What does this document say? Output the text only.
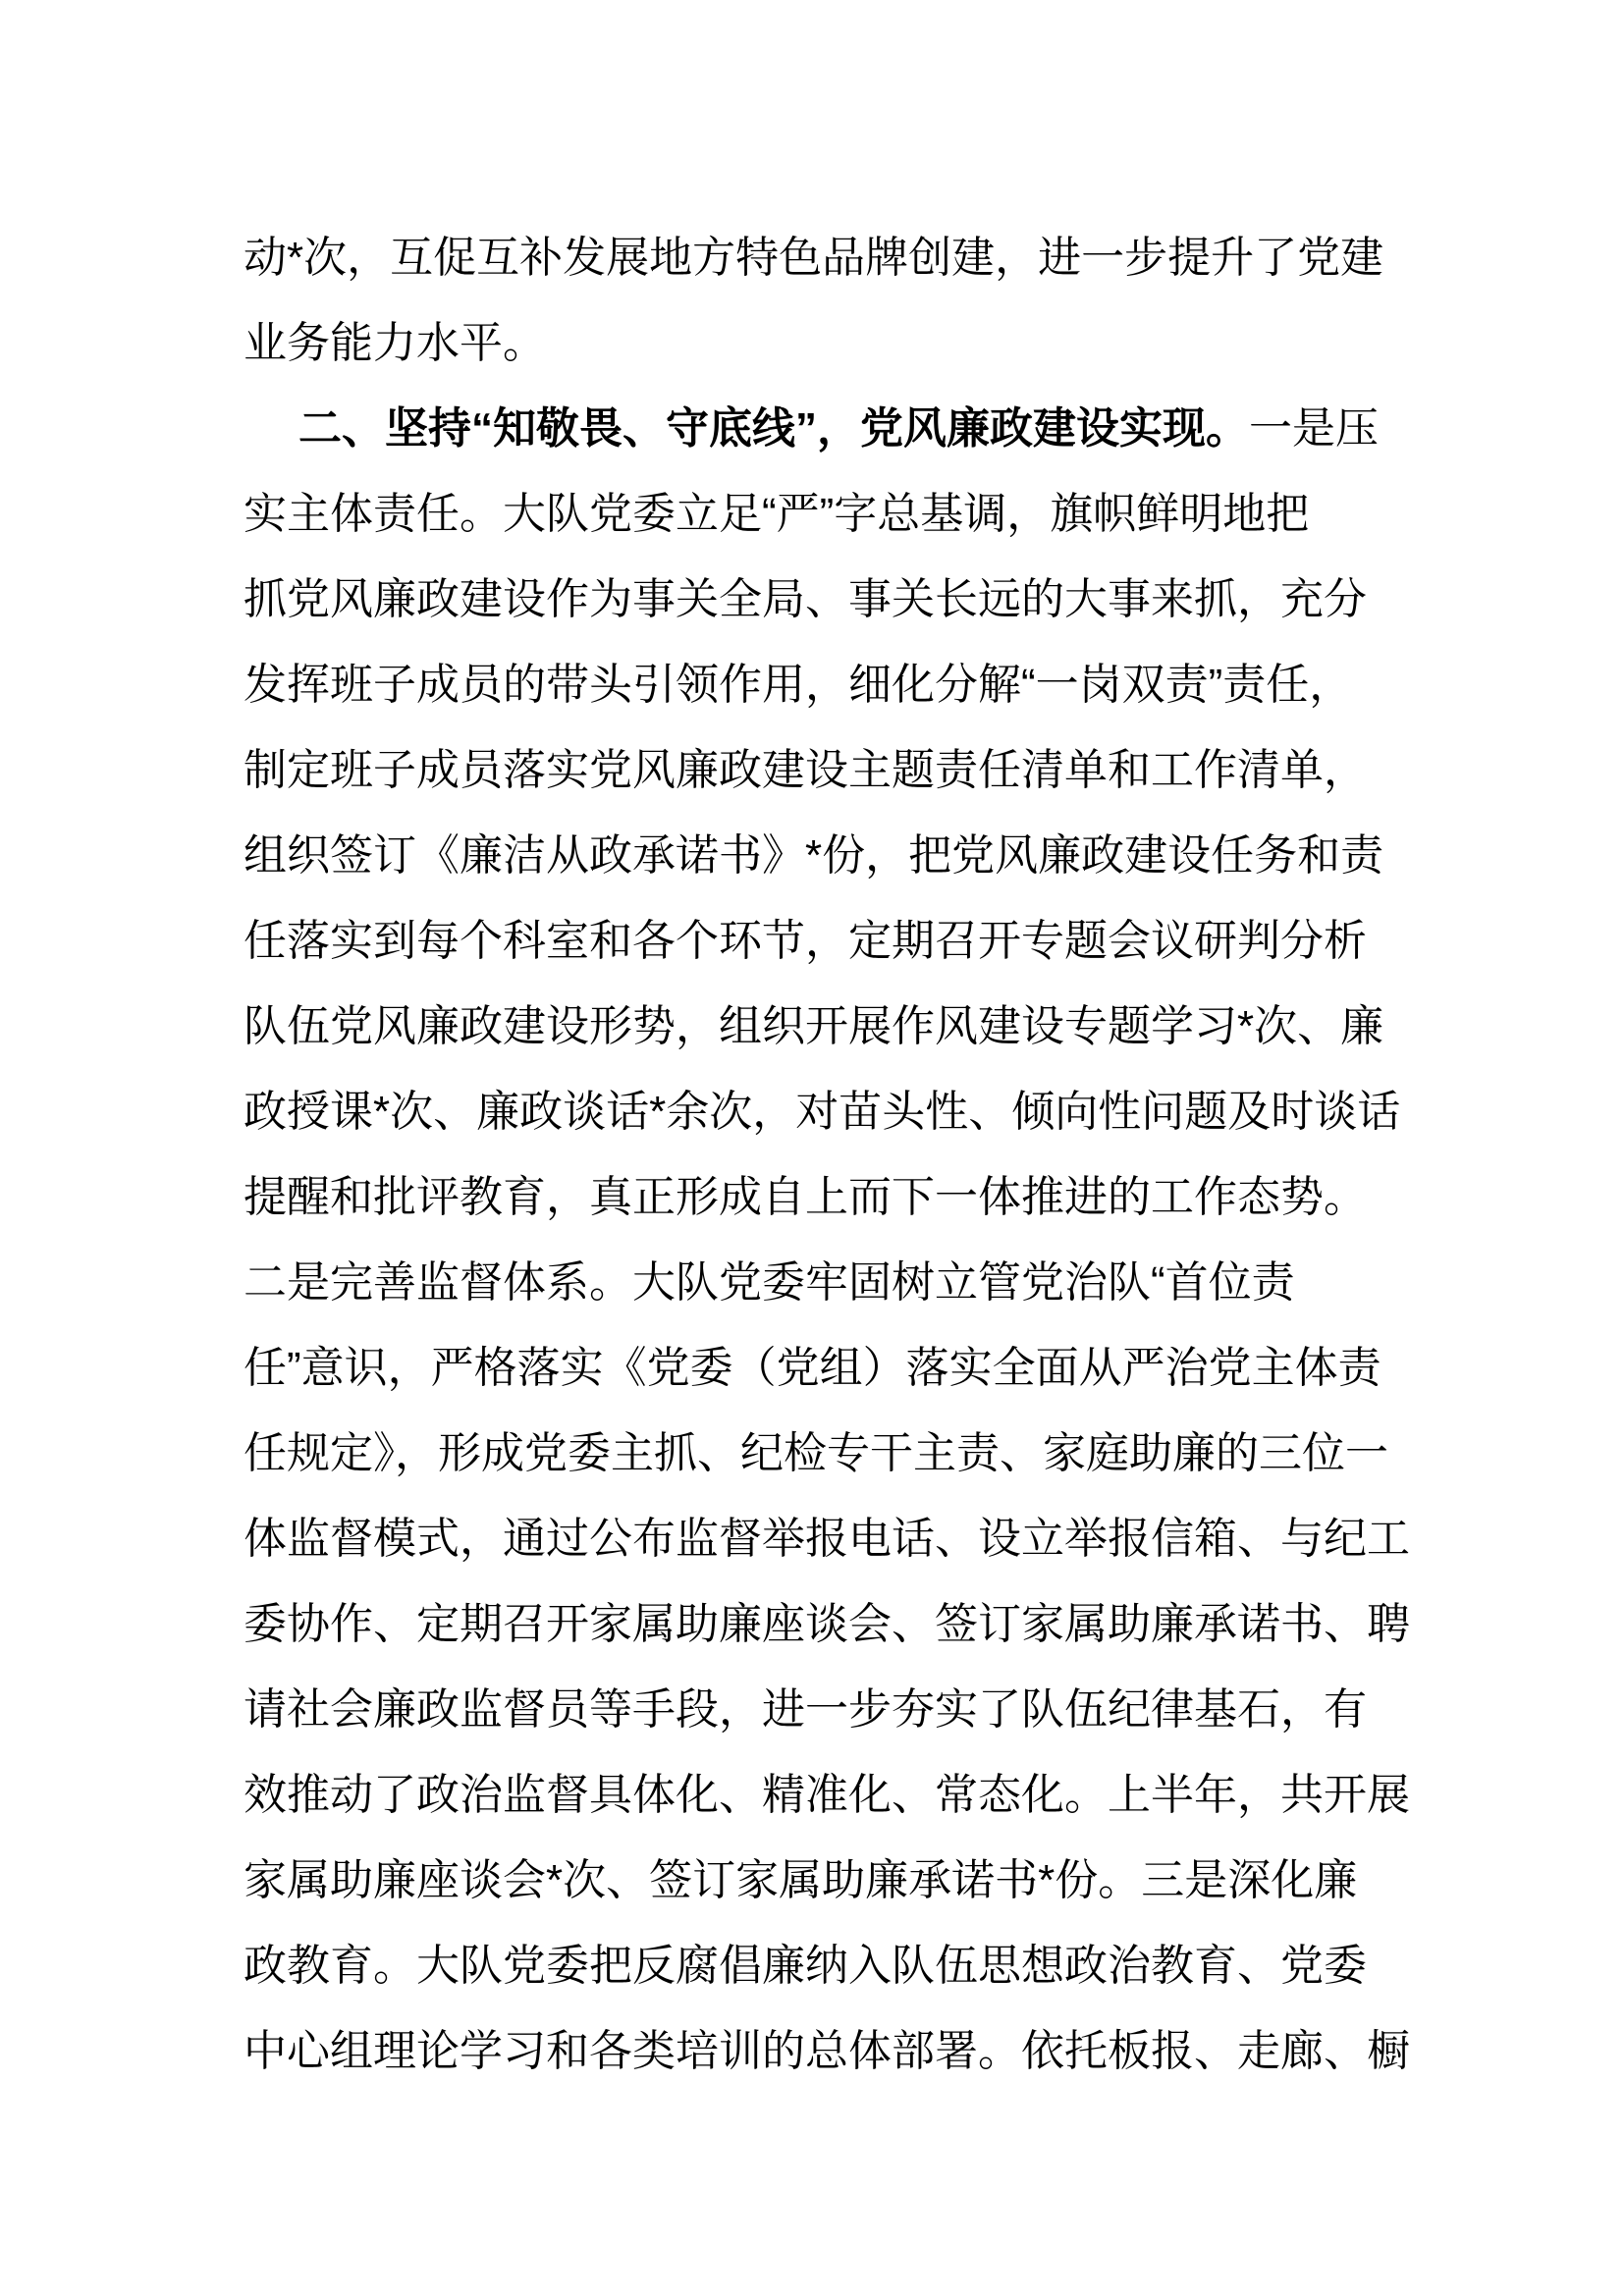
动*次，互促互补发展地方特色品牌创建，进一步提升了党建
业务能力水平。
二、坚持“知敬畏、守底线”，党风廉政建设实现。一是压
实主体责任。大队党委立足“严”字总基调，旗帜鲜明地把
抓党风廉政建设作为事关全局、事关长远的大事来抓，充分
发挥班子成员的带头引领作用，细化分解“一岗双责”责任，
制定班子成员落实党风廉政建设主题责任清单和工作清单，
组织签订《廉洁从政承诺书》*份，把党风廉政建设任务和责
任落实到每个科室和各个环节，定期召开专题会议研判分析
队伍党风廉政建设形势，组织开展作风建设专题学习*次、廉
政授课*次、廉政谈话*余次，对苗头性、倾向性问题及时谈话
提醒和批评教育，真正形成自上而下一体推进的工作态势。
二是完善监督体系。大队党委牢固树立管党治队“首位责
任”意识，严格落实《党委（党组）落实全面从严治党主体责
任规定》，形成党委主抓、纪检专干主责、家庭助廉的三位一
体监督模式，通过公布监督举报电话、设立举报信箱、与纪工
委协作、定期召开家属助廉座谈会、签订家属助廉承诺书、聘
请社会廉政监督员等手段，进一步夯实了队伍纪律基石，有
效推动了政治监督具体化、精准化、常态化。上半年，共开展
家属助廉座谈会*次、签订家属助廉承诺书*份。三是深化廉
政教育。大队党委把反腐倡廉纳入队伍思想政治教育、党委
中心组理论学习和各类培训的总体部署。依托板报、走廊、橱
